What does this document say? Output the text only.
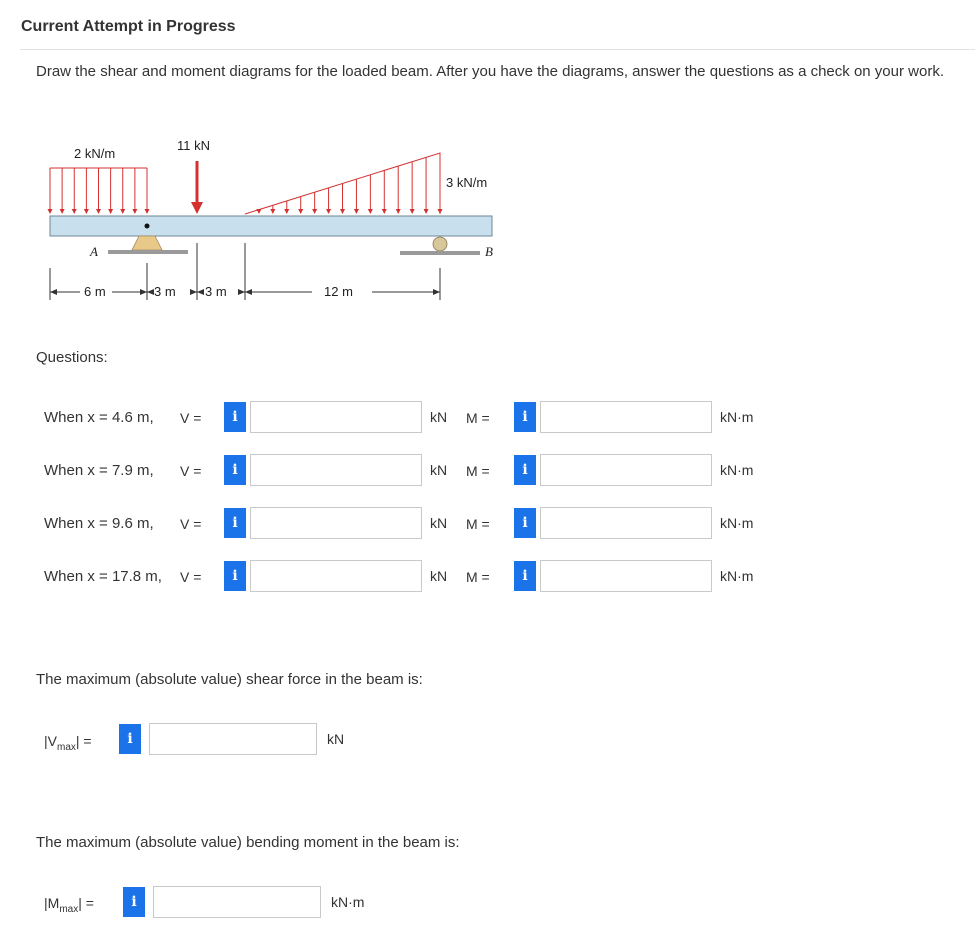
Current Attempt in Progress
Draw the shear and moment diagrams for the loaded beam. After you have the diagrams, answer the questions as a check on your work.
2 kN/m
11 kN
3 kN/m
A	B
6 m	3 m 3 m	12 m
Questions:
When x = 4.6 m, V =	i	kN M =	i	kN·m
When x = 7.9 m, V =	i	kN M =	i	kN·m
When x = 9.6 m, V =	i	kN M =	i	kN·m
When x = 17.8 m, V =	i	kN M =	i	kN·m
The maximum (absolute value) shear force in the beam is:
$|V_{max}|$ =	i	kN
The maximum (absolute value) bending moment in the beam is:
$|M_{max}|$ =	i	kN·m
